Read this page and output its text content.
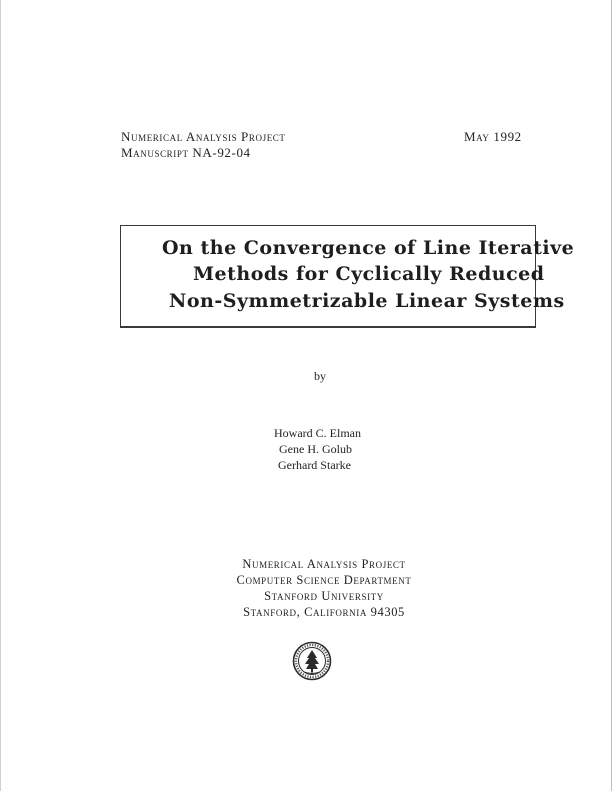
Numerical Analysis Project
Manuscript NA-92-04
May 1992
On the Convergence of Line Iterative
Methods for Cyclically Reduced
Non-Symmetrizable Linear Systems
by
Howard C. Elman
Gene H. Golub
Gerhard Starke
Numerical Analysis Project
Computer Science Department
Stanford University
Stanford, California 94305
